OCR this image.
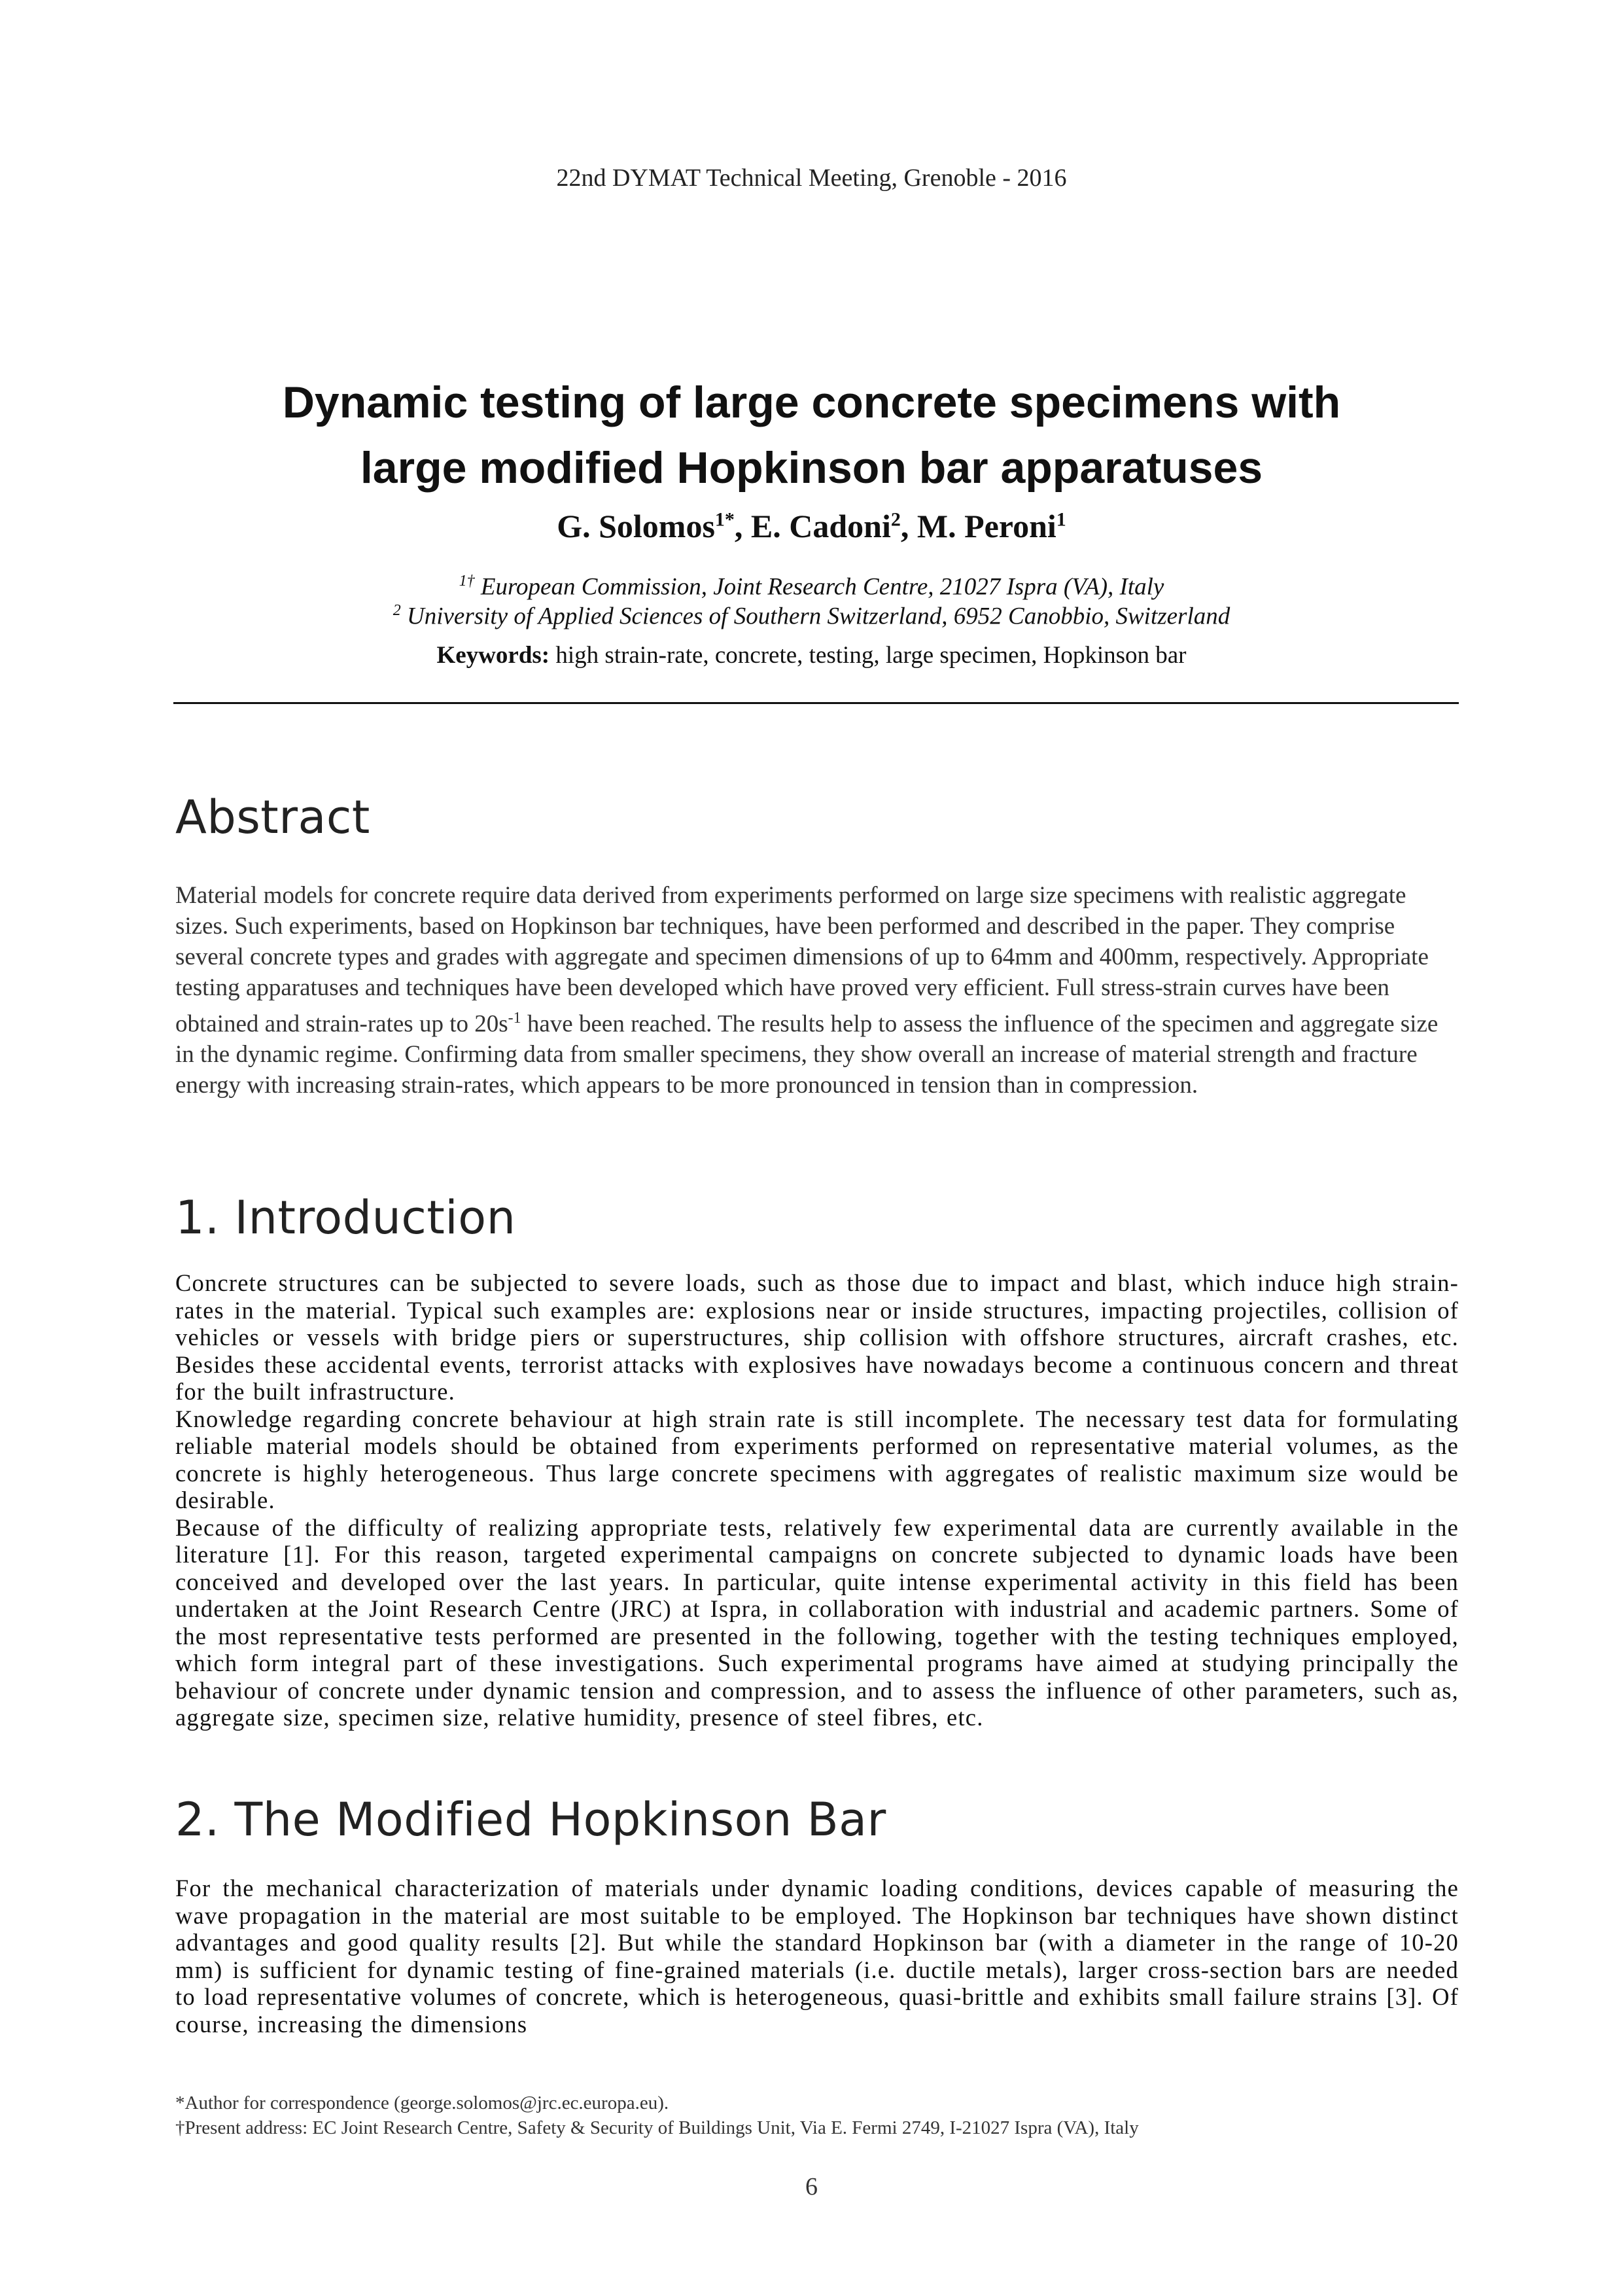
22nd DYMAT Technical Meeting, Grenoble - 2016
Dynamic testing of large concrete specimens with
large modified Hopkinson bar apparatuses
G. Solomos$^{1*}$, E. Cadoni$^2$, M. Peroni$^1$
$^{1\dagger}$ European Commission, Joint Research Centre, 21027 Ispra (VA), Italy
$^2$ University of Applied Sciences of Southern Switzerland, 6952 Canobbio, Switzerland
Keywords: high strain-rate, concrete, testing, large specimen, Hopkinson bar
Abstract
Material models for concrete require data derived from experiments performed on large size specimens with realistic aggregate sizes. Such experiments, based on Hopkinson bar techniques, have been performed and described in the paper. They comprise several concrete types and grades with aggregate and specimen dimensions of up to 64mm and 400mm, respectively. Appropriate testing apparatuses and techniques have been developed which have proved very efficient. Full stress-strain curves have been obtained and strain-rates up to $20s^{-1}$ have been reached. The results help to assess the influence of the specimen and aggregate size in the dynamic regime. Confirming data from smaller specimens, they show overall an increase of material strength and fracture energy with increasing strain-rates, which appears to be more pronounced in tension than in compression.
1. Introduction

Concrete structures can be subjected to severe loads, such as those due to impact and blast, which induce high strain-rates in the material. Typical such examples are: explosions near or inside structures, impacting projectiles, collision of vehicles or vessels with bridge piers or superstructures, ship collision with offshore structures, aircraft crashes, etc. Besides these accidental events, terrorist attacks with explosives have nowadays become a continuous concern and threat for the built infrastructure.

Knowledge regarding concrete behaviour at high strain rate is still incomplete. The necessary test data for formulating reliable material models should be obtained from experiments performed on representative material volumes, as the concrete is highly heterogeneous. Thus large concrete specimens with aggregates of realistic maximum size would be desirable.

Because of the difficulty of realizing appropriate tests, relatively few experimental data are currently available in the literature [1]. For this reason, targeted experimental campaigns on concrete subjected to dynamic loads have been conceived and developed over the last years. In particular, quite intense experimental activity in this field has been undertaken at the Joint Research Centre (JRC) at Ispra, in collaboration with industrial and academic partners. Some of the most representative tests performed are presented in the following, together with the testing techniques employed, which form integral part of these investigations. Such experimental programs have aimed at studying principally the behaviour of concrete under dynamic tension and compression, and to assess the influence of other parameters, such as, aggregate size, specimen size, relative humidity, presence of steel fibres, etc.

2. The Modified Hopkinson Bar

For the mechanical characterization of materials under dynamic loading conditions, devices capable of measuring the wave propagation in the material are most suitable to be employed. The Hopkinson bar techniques have shown distinct advantages and good quality results [2]. But while the standard Hopkinson bar (with a diameter in the range of 10-20 mm) is sufficient for dynamic testing of fine-grained materials (i.e. ductile metals), larger cross-section bars are needed to load representative volumes of concrete, which is heterogeneous, quasi-brittle and exhibits small failure strains [3]. Of course, increasing the dimensions

*Author for correspondence (george.solomos@jrc.ec.europa.eu).
†Present address: EC Joint Research Centre, Safety & Security of Buildings Unit, Via E. Fermi 2749, I-21027 Ispra (VA), Italy
6
